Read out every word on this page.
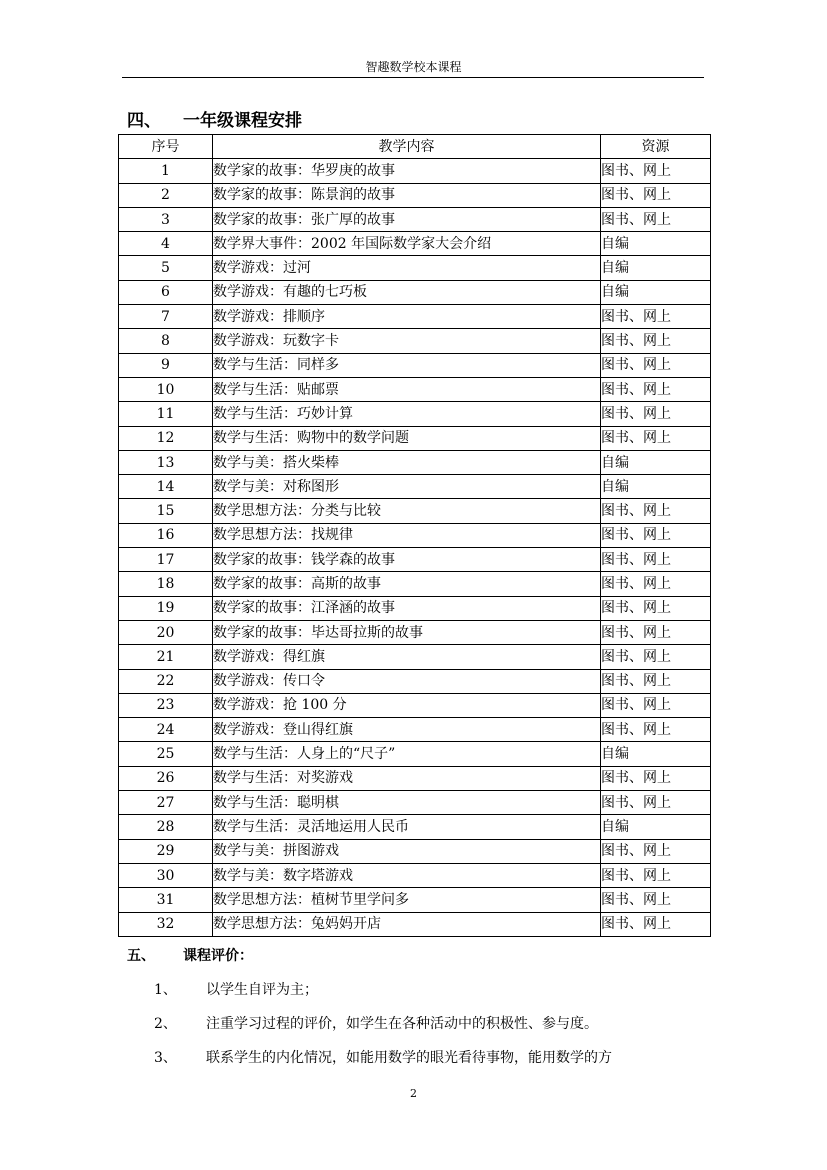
智趣数学校本课程
四、 一年级课程安排
序号	教学内容	资源
1	数学家的故事：华罗庚的故事	图书、网上
2	数学家的故事：陈景润的故事	图书、网上
3	数学家的故事：张广厚的故事	图书、网上
4	数学界大事件：2002 年国际数学家大会介绍	自编
5	数学游戏：过河	自编
6	数学游戏：有趣的七巧板	自编
7	数学游戏：排顺序	图书、网上
8	数学游戏：玩数字卡	图书、网上
9	数学与生活：同样多	图书、网上
10	数学与生活：贴邮票	图书、网上
11	数学与生活：巧妙计算	图书、网上
12	数学与生活：购物中的数学问题	图书、网上
13	数学与美：搭火柴棒	自编
14	数学与美：对称图形	自编
15	数学思想方法：分类与比较	图书、网上
16	数学思想方法：找规律	图书、网上
17	数学家的故事：钱学森的故事	图书、网上
18	数学家的故事：高斯的故事	图书、网上
19	数学家的故事：江泽涵的故事	图书、网上
20	数学家的故事：毕达哥拉斯的故事	图书、网上
21	数学游戏：得红旗	图书、网上
22	数学游戏：传口令	图书、网上
23	数学游戏：抢 100 分	图书、网上
24	数学游戏：登山得红旗	图书、网上
25	数学与生活：人身上的“尺子”	自编
26	数学与生活：对奖游戏	图书、网上
27	数学与生活：聪明棋	图书、网上
28	数学与生活：灵活地运用人民币	自编
29	数学与美：拼图游戏	图书、网上
30	数学与美：数字塔游戏	图书、网上
31	数学思想方法：植树节里学问多	图书、网上
32	数学思想方法：兔妈妈开店	图书、网上
五、 课程评价：
1、 以学生自评为主；
2、 注重学习过程的评价，如学生在各种活动中的积极性、参与度。
3、 联系学生的内化情况，如能用数学的眼光看待事物，能用数学的方
2
